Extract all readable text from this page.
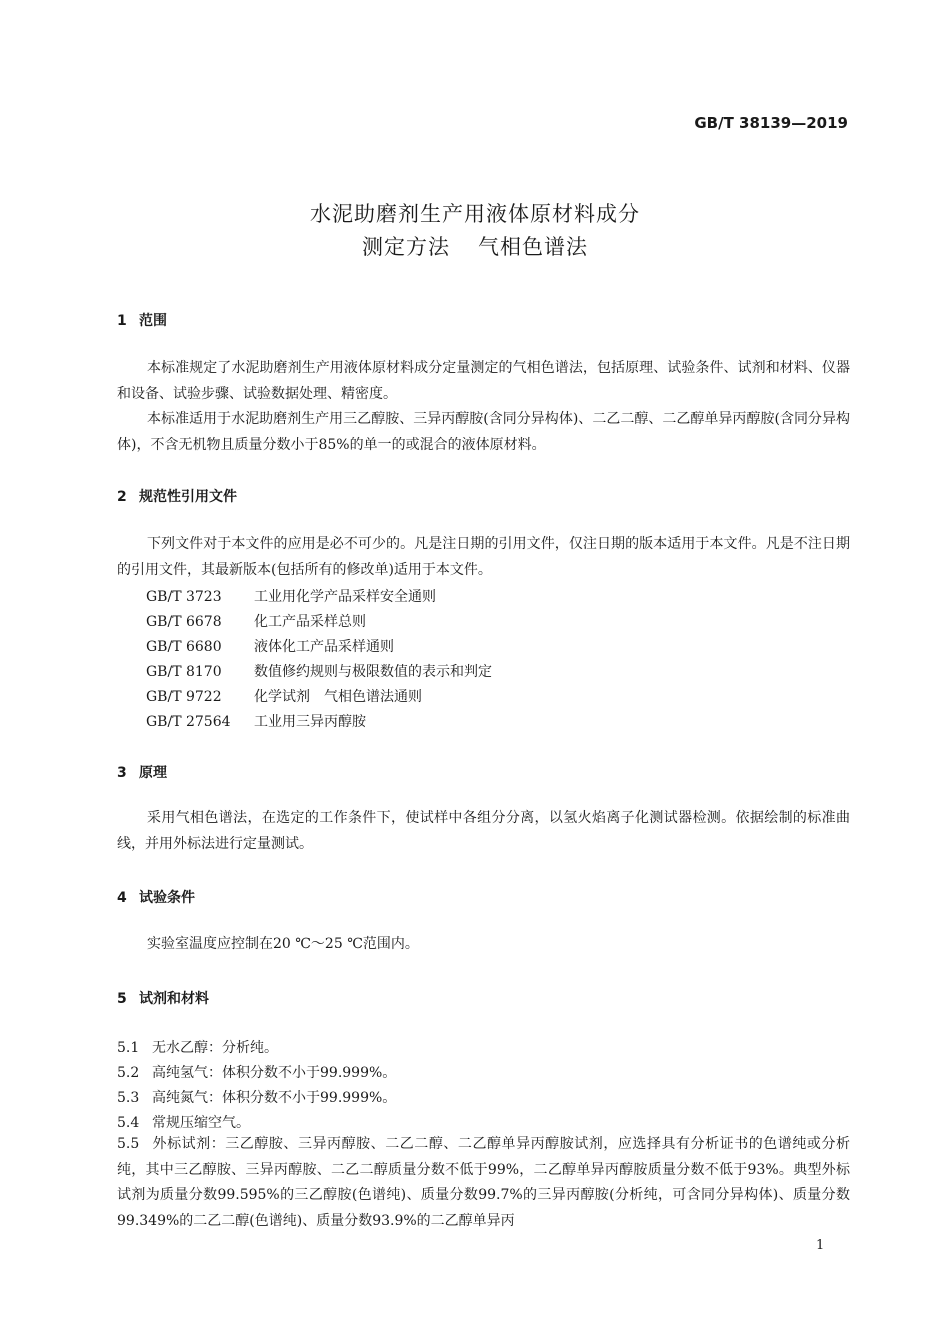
GB/T 38139—2019
水泥助磨剂生产用液体原材料成分
测定方法 气相色谱法
1 范围

本标准规定了水泥助磨剂生产用液体原材料成分定量测定的气相色谱法，包括原理、试验条件、试剂和材料、仪器和设备、试验步骤、试验数据处理、精密度。

本标准适用于水泥助磨剂生产用三乙醇胺、三异丙醇胺(含同分异构体)、二乙二醇、二乙醇单异丙醇胺(含同分异构体)，不含无机物且质量分数小于85%的单一的或混合的液体原材料。

2 规范性引用文件

下列文件对于本文件的应用是必不可少的。凡是注日期的引用文件，仅注日期的版本适用于本文件。凡是不注日期的引用文件，其最新版本(包括所有的修改单)适用于本文件。

GB/T 3723 工业用化学产品采样安全通则
GB/T 6678 化工产品采样总则
GB/T 6680 液体化工产品采样通则
GB/T 8170 数值修约规则与极限数值的表示和判定
GB/T 9722 化学试剂　气相色谱法通则
GB/T 27564 工业用三异丙醇胺
3 原理

采用气相色谱法，在选定的工作条件下，使试样中各组分分离，以氢火焰离子化测试器检测。依据绘制的标准曲线，并用外标法进行定量测试。

4 试验条件

实验室温度应控制在20 ℃～25 ℃范围内。

5 试剂和材料
5.1 无水乙醇：分析纯。
5.2 高纯氢气：体积分数不小于99.999%。
5.3 高纯氮气：体积分数不小于99.999%。
5.4 常规压缩空气。
5.5 外标试剂：三乙醇胺、三异丙醇胺、二乙二醇、二乙醇单异丙醇胺试剂，应选择具有分析证书的色谱纯或分析纯，其中三乙醇胺、三异丙醇胺、二乙二醇质量分数不低于99%，二乙醇单异丙醇胺质量分数不低于93%。典型外标试剂为质量分数99.595%的三乙醇胺(色谱纯)、质量分数99.7%的三异丙醇胺(分析纯，可含同分异构体)、质量分数99.349%的二乙二醇(色谱纯)、质量分数93.9%的二乙醇单异丙
1
